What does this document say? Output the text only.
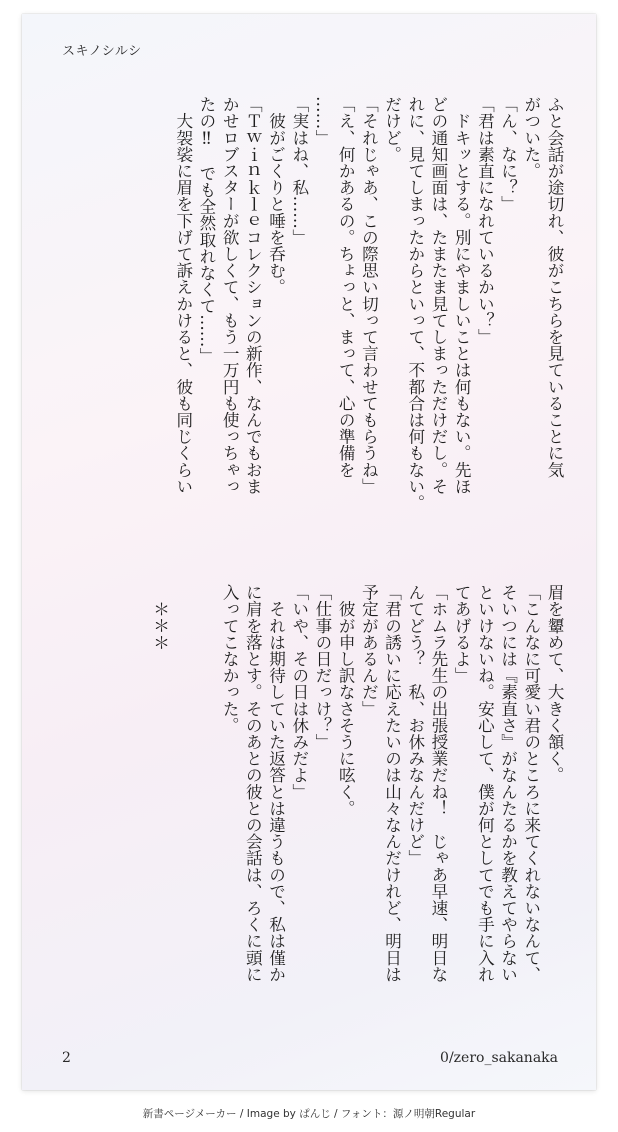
スキノシルシ
ふと会話が途切れ、彼がこちらを見ていることに気
がついた。
「ん、なに？」
「君は素直になれているかい？」
　ドキッとする。別にやましいことは何もない。先ほ
どの通知画面は、たまたま見てしまっただけだし。そ
れに、見てしまったからといって、不都合は何もない。
だけど。
「それじゃあ、この際思い切って言わせてもらうね」
「え、何かあるの。ちょっと、まって、心の準備を
……」
「実はね、私……」
　彼がごくりと唾を呑む。
「Ｔｗｉｎｋｌｅコレクションの新作、なんでもおま
かせロブスターが欲しくて、もう一万円も使っちゃっ
たの‼　でも全然取れなくて……」
　大袈裟に眉を下げて訴えかけると、彼も同じくらい
眉を顰めて、大きく頷く。
「こんなに可愛い君のところに来てくれないなんて、
そいつには『素直さ』がなんたるかを教えてやらない
といけないね。安心して、僕が何としてでも手に入れ
てあげるよ」
「ホムラ先生の出張授業だね！　じゃあ早速、明日な
んてどう？　私、お休みなんだけど」
「君の誘いに応えたいのは山々なんだけれど、明日は
予定があるんだ」
　彼が申し訳なさそうに呟く。
「仕事の日だっけ？」
「いや、その日は休みだよ」
　それは期待していた返答とは違うもので、私は僅か
に肩を落とす。そのあとの彼との会話は、ろくに頭に
入ってこなかった。

　＊＊＊
2	0/zero_sakanaka
新書ページメーカー / Image by ぱんじ / フォント：源ノ明朝Regular
